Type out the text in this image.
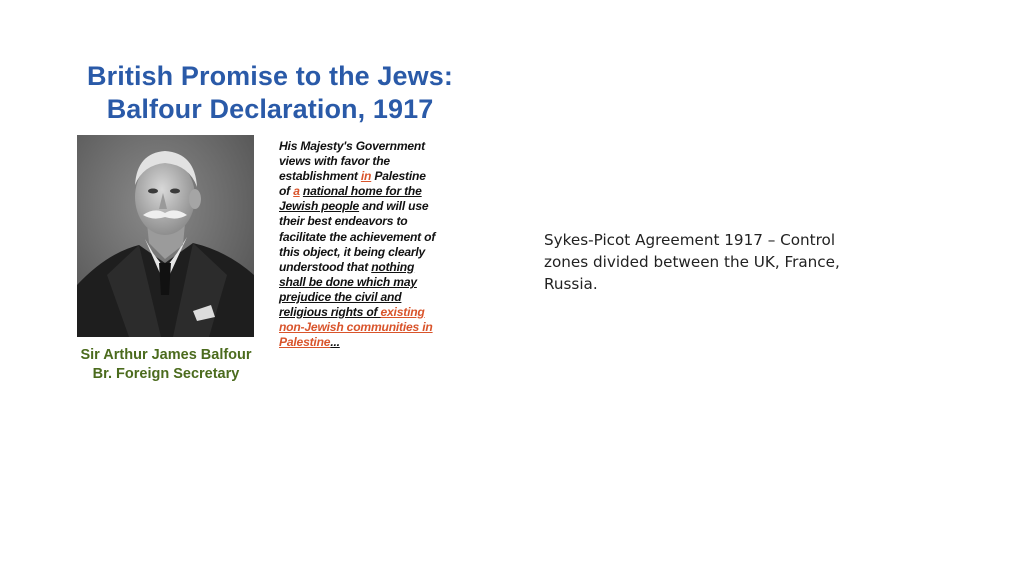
British Promise to the Jews:
Balfour Declaration, 1917
Sir Arthur James Balfour
Br. Foreign Secretary
His Majesty's Government
views with favor the
establishment in Palestine
of a national home for the
Jewish people and will use
their best endeavors to
facilitate the achievement of
this object, it being clearly
understood that nothing
shall be done which may
prejudice the civil and
religious rights of existing
non-Jewish communities in
Palestine...
Sykes-Picot Agreement 1917 – Control
zones divided between the UK, France,
Russia.
